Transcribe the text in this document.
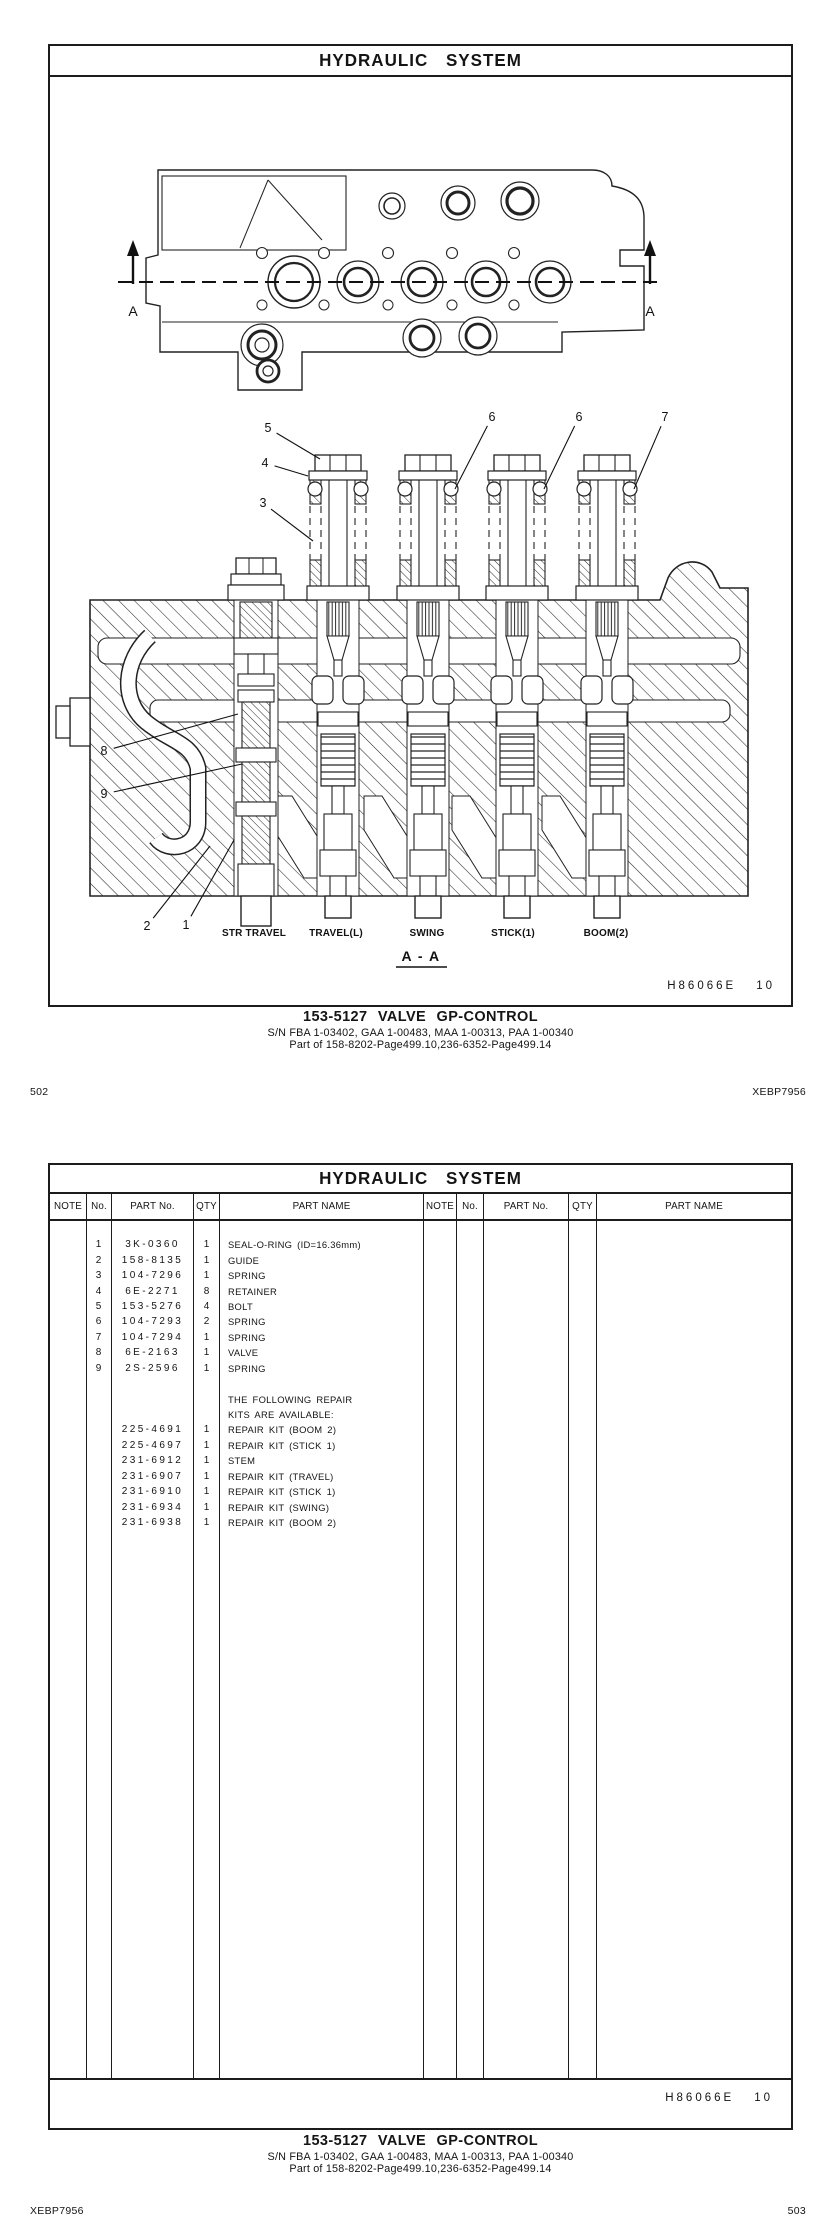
HYDRAULIC SYSTEM
5
4
3
6	6	7
8
9
2	1
A	A
STR TRAVEL TRAVEL(L)	SWING	STICK(1)	BOOM(2)
A - A
H86066E 10
153-5127 VALVE GP-CONTROL
S/N FBA 1-03402, GAA 1-00483, MAA 1-00313, PAA 1-00340
Part of 158-8202-Page499.10,236-6352-Page499.14
502	XEBP7956
HYDRAULIC SYSTEM
NOTE No.	PART No.	QTY	PART NAME	NOTE No.	PART No.	QTY	PART NAME
1	3K-0360	1	SEAL-O-RING (ID=16.36mm)
2	158-8135	1	GUIDE
3	104-7296	1	SPRING
4	6E-2271	8	RETAINER
5	153-5276	4	BOLT
6	104-7293	2	SPRING
7	104-7294	1	SPRING
8	6E-2163	1	VALVE
9	2S-2596	1	SPRING
THE FOLLOWING REPAIR
KITS ARE AVAILABLE:
225-4691	1	REPAIR KIT (BOOM 2)
225-4697	1	REPAIR KIT (STICK 1)
231-6912	1	STEM
231-6907	1	REPAIR KIT (TRAVEL)
231-6910	1	REPAIR KIT (STICK 1)
231-6934	1	REPAIR KIT (SWING)
231-6938	1	REPAIR KIT (BOOM 2)
H86066E 10
153-5127 VALVE GP-CONTROL
S/N FBA 1-03402, GAA 1-00483, MAA 1-00313, PAA 1-00340
Part of 158-8202-Page499.10,236-6352-Page499.14
XEBP7956	503
